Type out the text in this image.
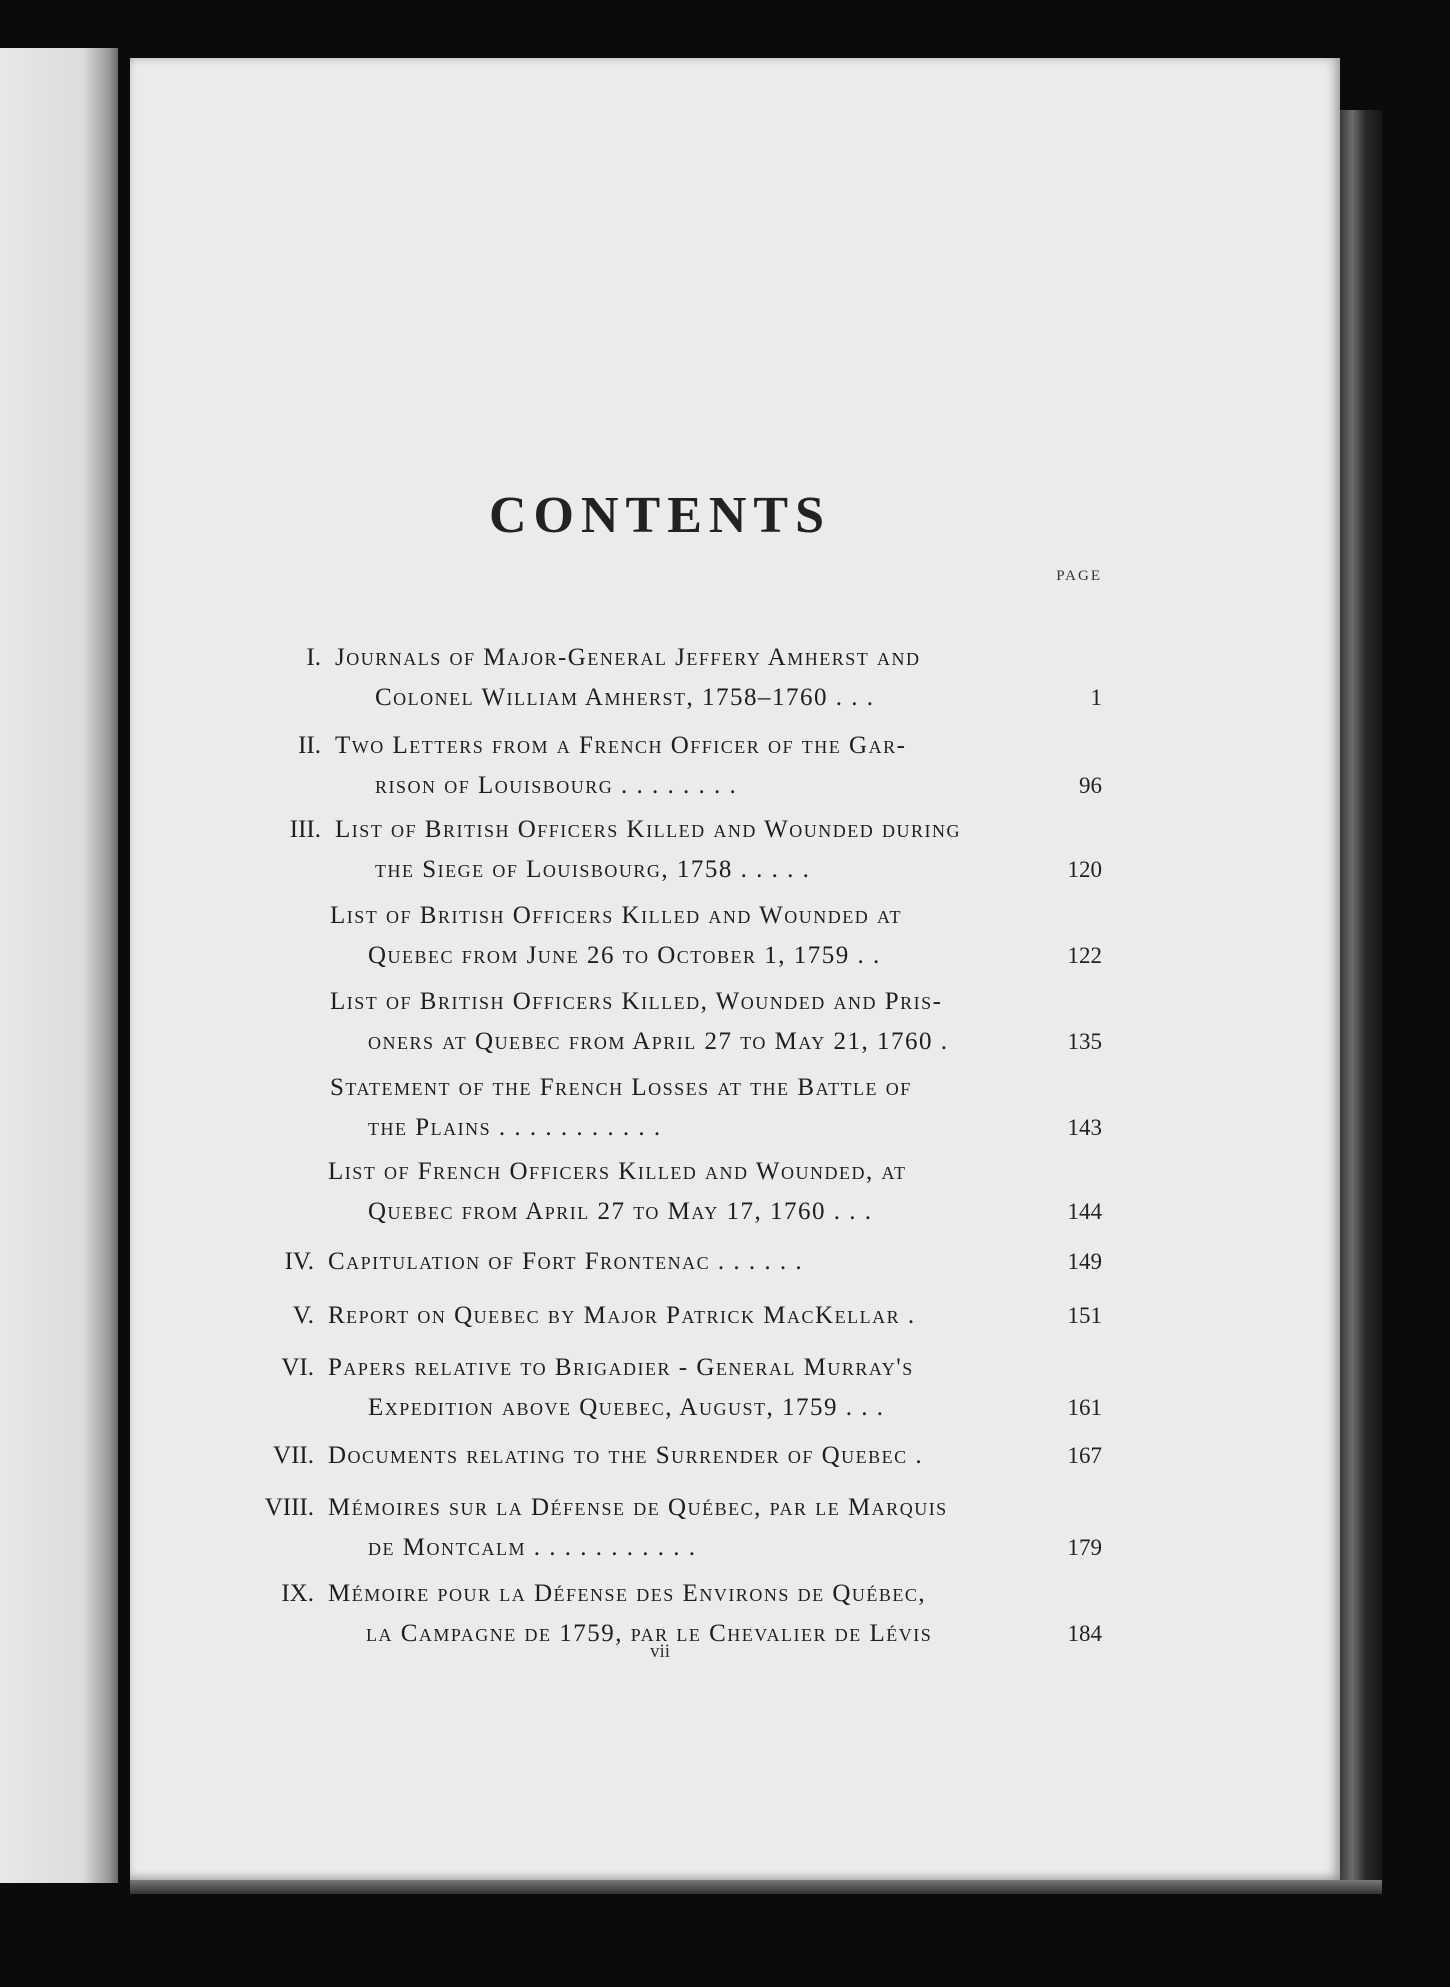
CONTENTS
PAGE
I. Journals of Major-General Jeffery Amherst and
Colonel William Amherst, 1758–1760 . . .	1
II. Two Letters from a French Officer of the Gar-
rison of Louisbourg . . . . . . . .	96
III. List of British Officers Killed and Wounded during
the Siege of Louisbourg, 1758 . . . . .	120
List of British Officers Killed and Wounded at
Quebec from June 26 to October 1, 1759 . .	122
List of British Officers Killed, Wounded and Pris-
oners at Quebec from April 27 to May 21, 1760 .	135
Statement of the French Losses at the Battle of
the Plains . . . . . . . . . . .	143
List of French Officers Killed and Wounded, at
Quebec from April 27 to May 17, 1760 . . .	144
IV. Capitulation of Fort Frontenac . . . . . .	149
V. Report on Quebec by Major Patrick MacKellar .	151
VI. Papers relative to Brigadier - General Murray's
Expedition above Quebec, August, 1759 . . .	161
VII. Documents relating to the Surrender of Quebec .	167
VIII. Mémoires sur la Défense de Québec, par le Marquis
de Montcalm . . . . . . . . . . .	179
IX. Mémoire pour la Défense des Environs de Québec,
la Campagne de 1759, par le Chevalier de Lévis	184
vii
